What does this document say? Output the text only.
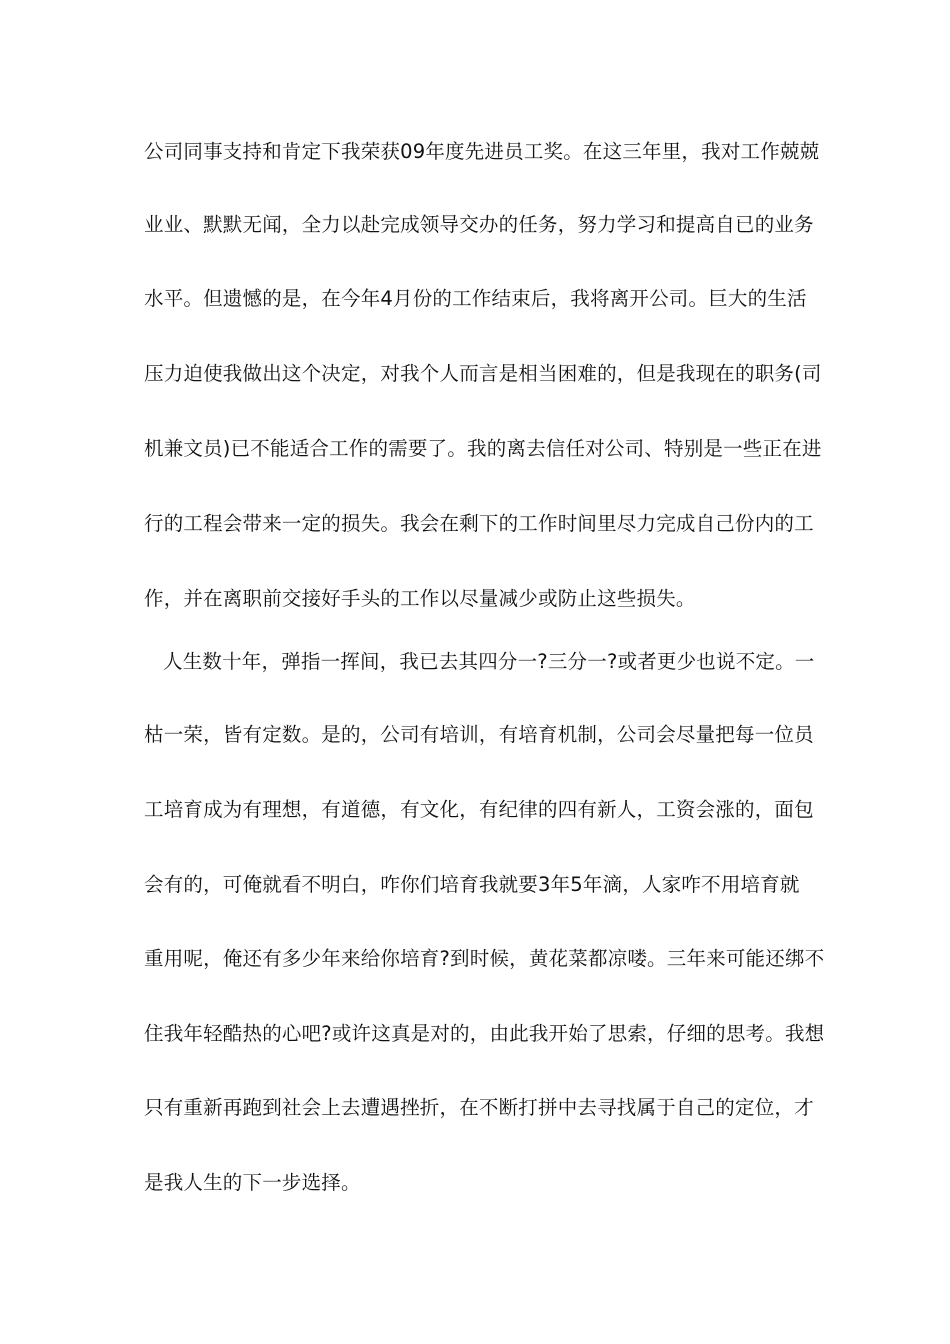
公司同事支持和肯定下我荣获09年度先进员工奖。在这三年里，我对工作兢兢
业业、默默无闻，全力以赴完成领导交办的任务，努力学习和提高自已的业务
水平。但遗憾的是，在今年4月份的工作结束后，我将离开公司。巨大的生活
压力迫使我做出这个决定，对我个人而言是相当困难的，但是我现在的职务(司
机兼文员)已不能适合工作的需要了。我的离去信任对公司、特别是一些正在进
行的工程会带来一定的损失。我会在剩下的工作时间里尽力完成自己份内的工
作，并在离职前交接好手头的工作以尽量减少或防止这些损失。
人生数十年，弹指一挥间，我已去其四分一?三分一?或者更少也说不定。一
枯一荣，皆有定数。是的，公司有培训，有培育机制，公司会尽量把每一位员
工培育成为有理想，有道德，有文化，有纪律的四有新人，工资会涨的，面包
会有的，可俺就看不明白，咋你们培育我就要3年5年滴，人家咋不用培育就
重用呢，俺还有多少年来给你培育?到时候，黄花菜都凉喽。三年来可能还绑不
住我年轻酷热的心吧?或许这真是对的，由此我开始了思索，仔细的思考。我想
只有重新再跑到社会上去遭遇挫折，在不断打拼中去寻找属于自己的定位，才
是我人生的下一步选择。
